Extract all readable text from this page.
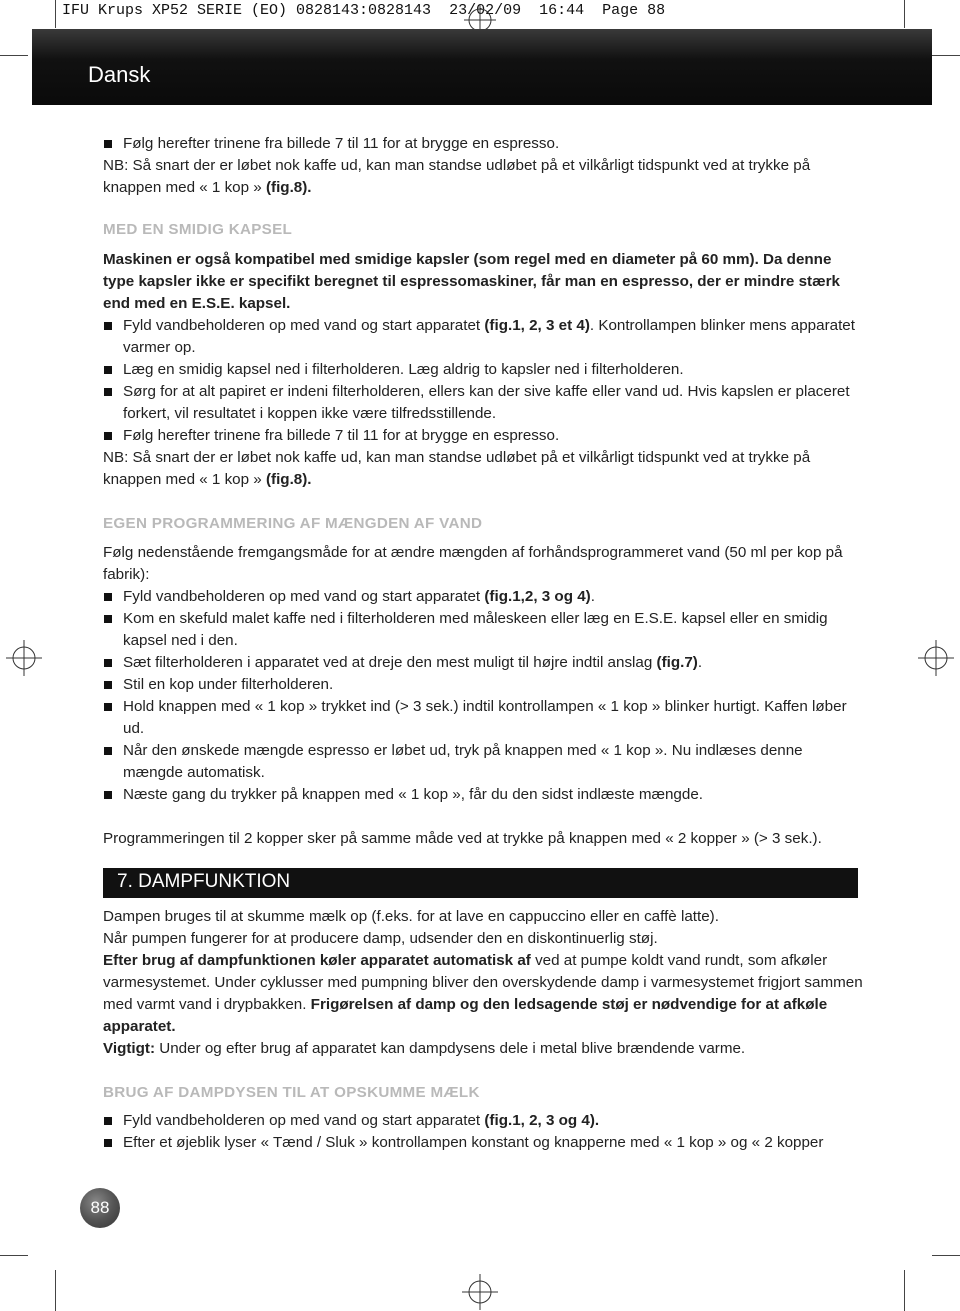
IFU Krups XP52 SERIE (EO) 0828143:0828143  23/02/09  16:44  Page 88
Dansk

Følg herefter trinene fra billede 7 til 11 for at brygge en espresso.

NB: Så snart der er løbet nok kaffe ud, kan man standse udløbet på et vilkårligt tidspunkt ved at trykke på knappen med « 1 kop » (fig.8).

MED EN SMIDIG KAPSEL

Maskinen er også kompatibel med smidige kapsler (som regel med en diameter på 60 mm). Da denne type kapsler ikke er specifikt beregnet til espressomaskiner, får man en espresso, der er mindre stærk end med en E.S.E. kapsel.

Fyld vandbeholderen op med vand og start apparatet (fig.1, 2, 3 et 4). Kontrollampen blinker mens apparatet varmer op.

Læg en smidig kapsel ned i filterholderen. Læg aldrig to kapsler ned i filterholderen.

Sørg for at alt papiret er indeni filterholderen, ellers kan der sive kaffe eller vand ud. Hvis kapslen er placeret forkert, vil resultatet i koppen ikke være tilfredsstillende.

Følg herefter trinene fra billede 7 til 11 for at brygge en espresso.

NB: Så snart der er løbet nok kaffe ud, kan man standse udløbet på et vilkårligt tidspunkt ved at trykke på knappen med « 1 kop » (fig.8).

EGEN PROGRAMMERING AF MÆNGDEN AF VAND

Følg nedenstående fremgangsmåde for at ændre mængden af forhåndsprogrammeret vand (50 ml per kop på fabrik):

Fyld vandbeholderen op med vand og start apparatet (fig.1,2, 3 og 4).

Kom en skefuld malet kaffe ned i filterholderen med måleskeen eller læg en E.S.E. kapsel eller en smidig kapsel ned i den.

Sæt filterholderen i apparatet ved at dreje den mest muligt til højre indtil anslag (fig.7).

Stil en kop under filterholderen.

Hold knappen med « 1 kop » trykket ind (> 3 sek.) indtil kontrollampen « 1 kop » blinker hurtigt. Kaffen løber ud.

Når den ønskede mængde espresso er løbet ud, tryk på knappen med « 1 kop ». Nu indlæses denne mængde automatisk.

Næste gang du trykker på knappen med « 1 kop », får du den sidst indlæste mængde.

Programmeringen til 2 kopper sker på samme måde ved at trykke på knappen med « 2 kopper » (> 3 sek.).

7. DAMPFUNKTION

Dampen bruges til at skumme mælk op (f.eks. for at lave en cappuccino eller en caffè latte).

Når pumpen fungerer for at producere damp, udsender den en diskontinuerlig støj.

Efter brug af dampfunktionen køler apparatet automatisk af ved at pumpe koldt vand rundt, som afkøler varmesystemet. Under cyklusser med pumpning bliver den overskydende damp i varmesystemet frigjort sammen med varmt vand i drypbakken. Frigørelsen af damp og den ledsagende støj er nødvendige for at afkøle apparatet.

Vigtigt: Under og efter brug af apparatet kan dampdysens dele i metal blive brændende varme.

BRUG AF DAMPDYSEN TIL AT OPSKUMME MÆLK

Fyld vandbeholderen op med vand og start apparatet (fig.1, 2, 3 og 4).

Efter et øjeblik lyser « Tænd / Sluk » kontrollampen konstant og knapperne med « 1 kop » og « 2 kopper

88
